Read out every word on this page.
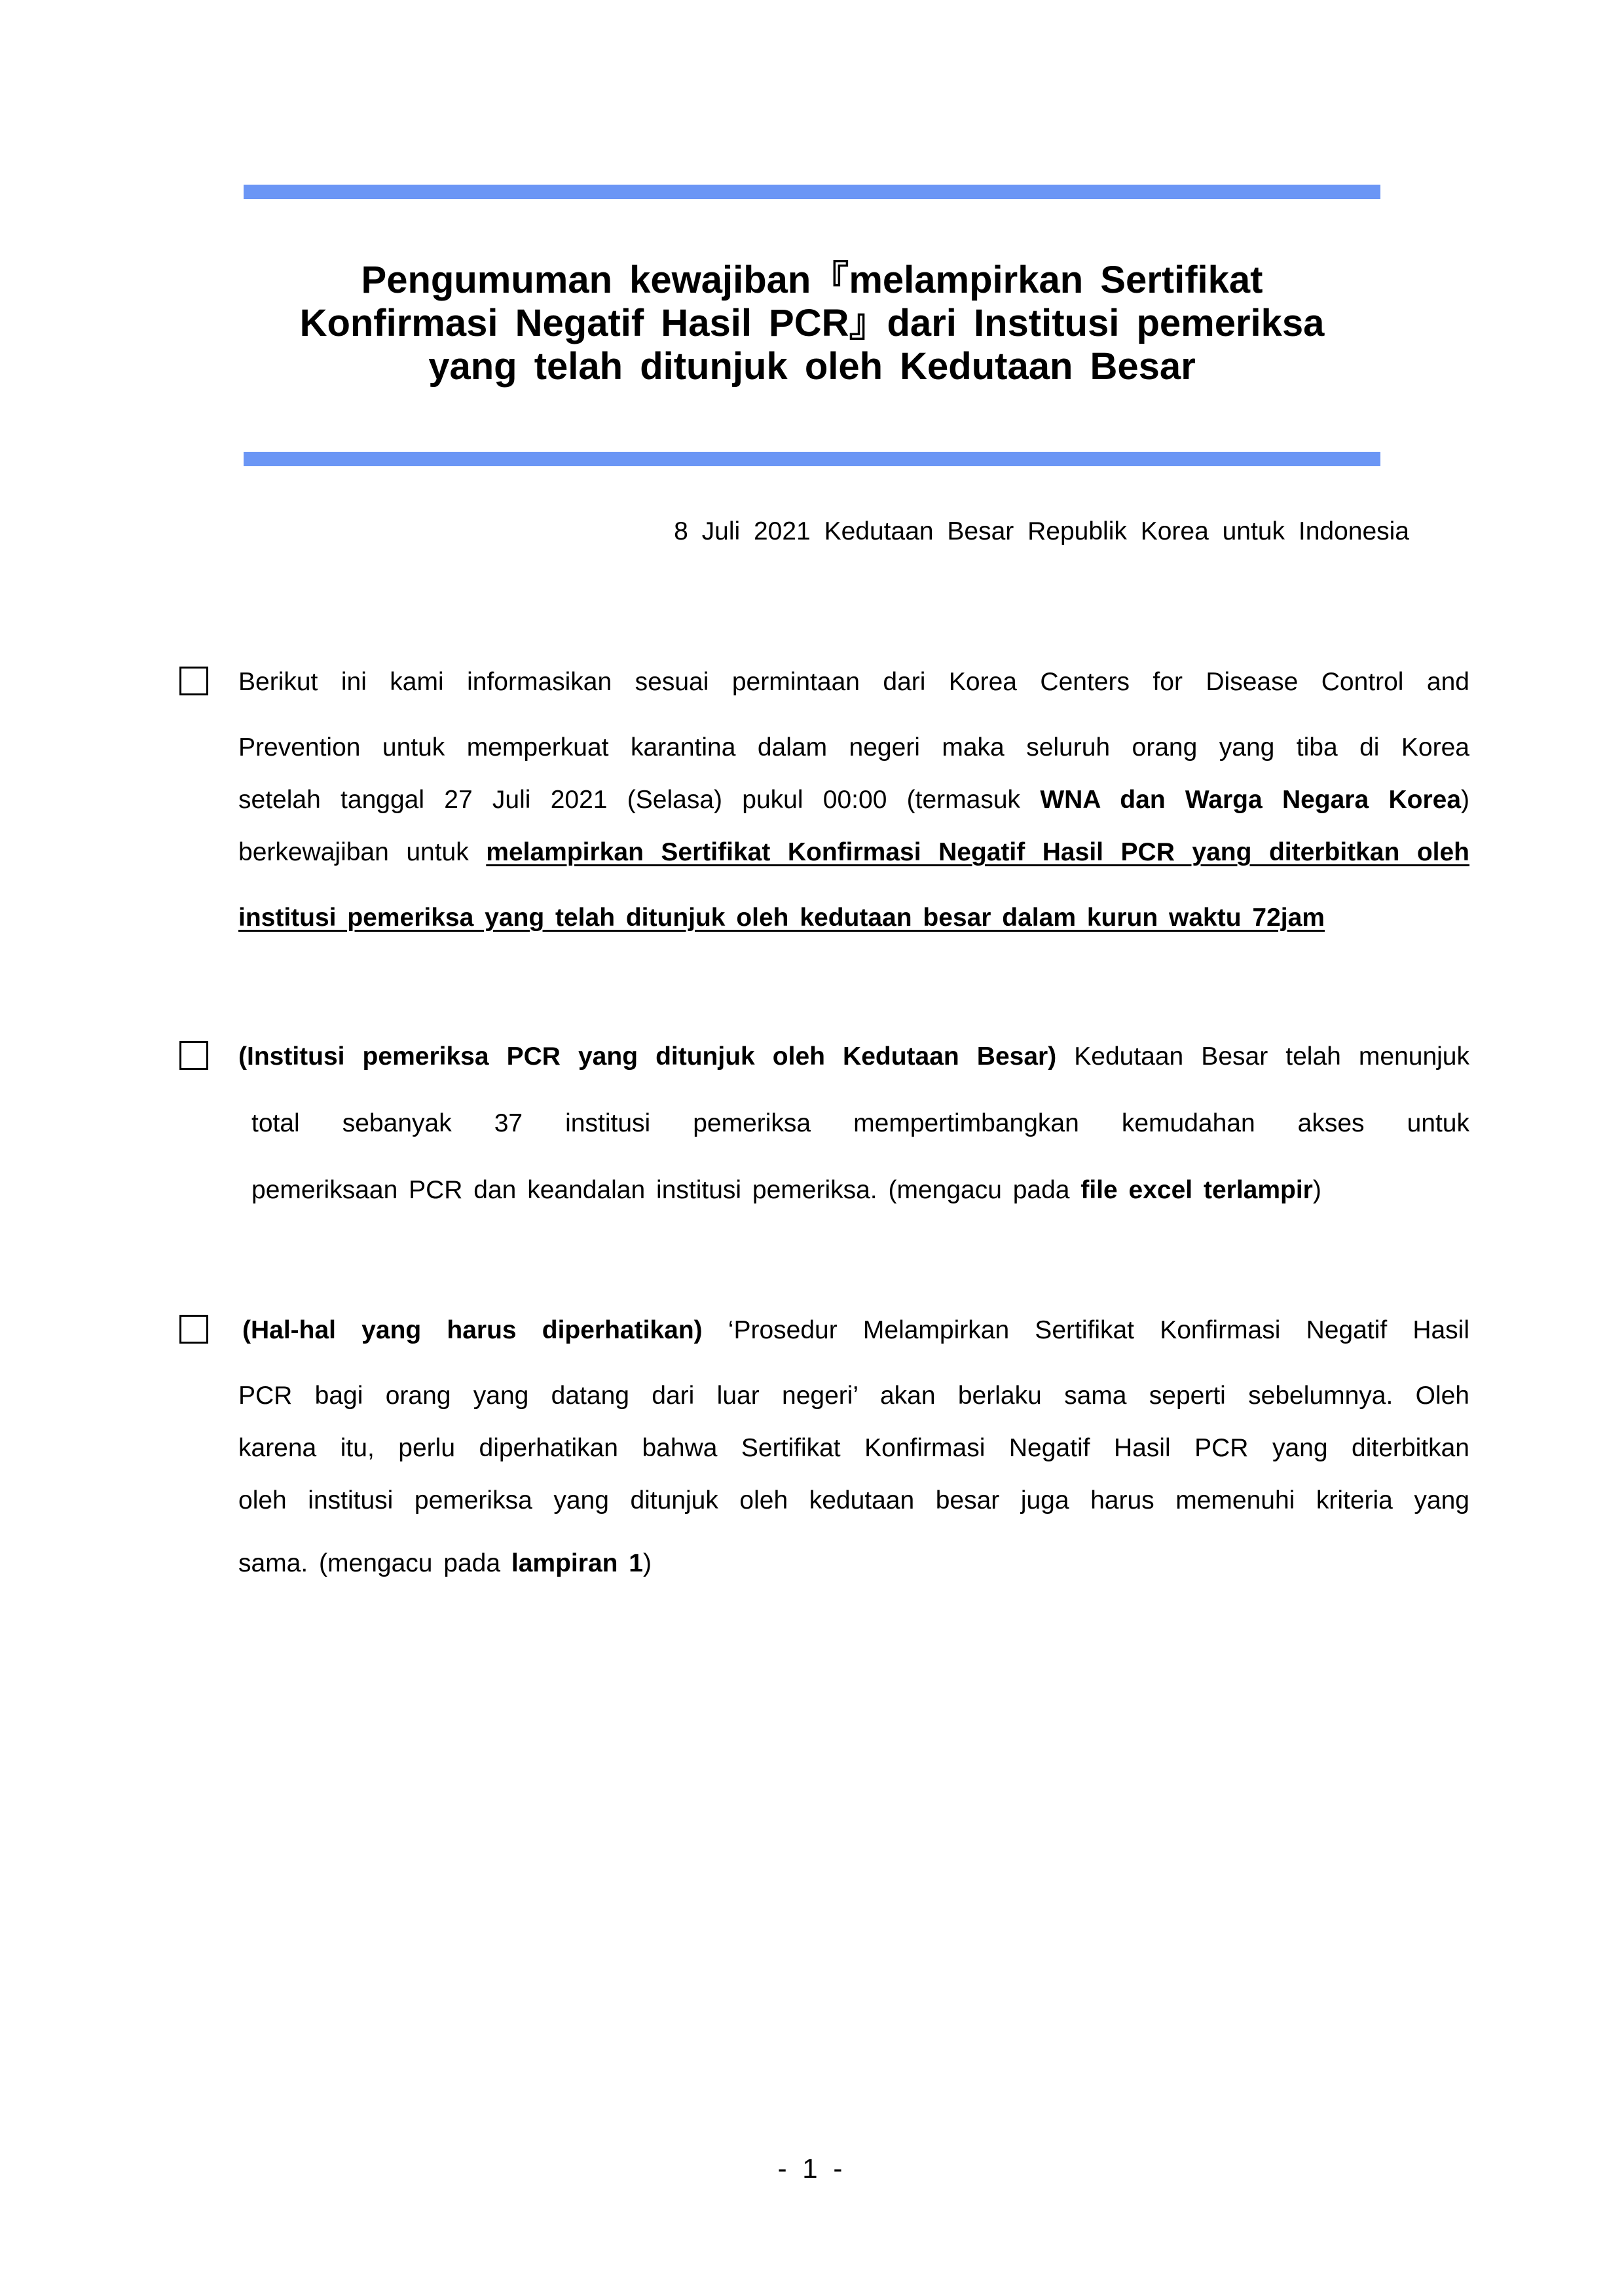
Pengumuman kewajiban『melampirkan Sertifikat
Konfirmasi Negatif Hasil PCR』dari Institusi pemeriksa
yang telah ditunjuk oleh Kedutaan Besar
8 Juli 2021 Kedutaan Besar Republik Korea untuk Indonesia
Berikut ini kami informasikan sesuai permintaan dari Korea Centers for Disease Control and
Prevention untuk memperkuat karantina dalam negeri maka seluruh orang yang tiba di Korea
setelah tanggal 27 Juli 2021 (Selasa) pukul 00:00 (termasuk WNA dan Warga Negara Korea)
berkewajiban untuk melampirkan Sertifikat Konfirmasi Negatif Hasil PCR yang diterbitkan oleh
institusi pemeriksa yang telah ditunjuk oleh kedutaan besar dalam kurun waktu 72jam
(Institusi pemeriksa PCR yang ditunjuk oleh Kedutaan Besar) Kedutaan Besar telah menunjuk
total sebanyak 37 institusi pemeriksa mempertimbangkan kemudahan akses untuk
pemeriksaan PCR dan keandalan institusi pemeriksa. (mengacu pada file excel terlampir)
(Hal-hal yang harus diperhatikan) ‘Prosedur Melampirkan Sertifikat Konfirmasi Negatif Hasil
PCR bagi orang yang datang dari luar negeri’ akan berlaku sama seperti sebelumnya. Oleh
karena itu, perlu diperhatikan bahwa Sertifikat Konfirmasi Negatif Hasil PCR yang diterbitkan
oleh institusi pemeriksa yang ditunjuk oleh kedutaan besar juga harus memenuhi kriteria yang
sama. (mengacu pada lampiran 1)
- 1 -
